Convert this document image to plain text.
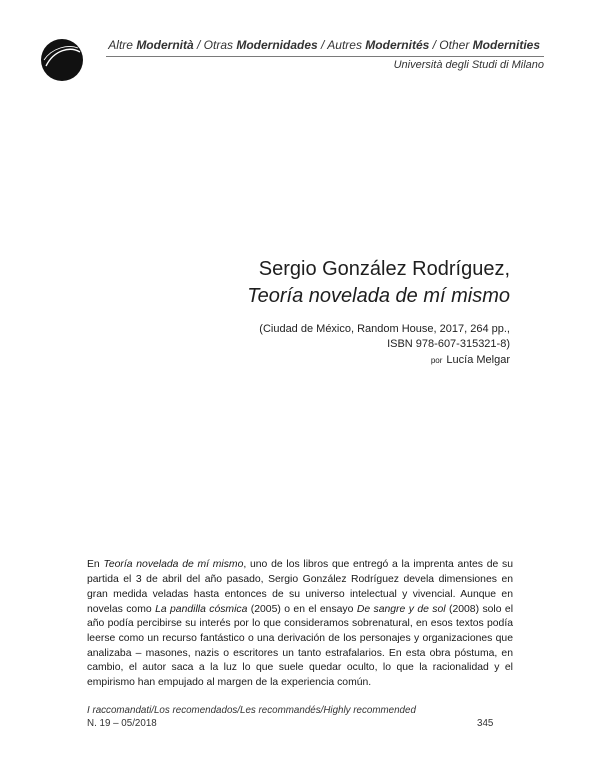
Altre Modernità / Otras Modernidades / Autres Modernités / Other Modernities
Università degli Studi di Milano
Sergio González Rodríguez,
Teoría novelada de mí mismo
(Ciudad de México, Random House, 2017, 264 pp.,
ISBN 978-607-315321-8)
por Lucía Melgar

En Teoría novelada de mí mismo, uno de los libros que entregó a la imprenta antes de su partida el 3 de abril del año pasado, Sergio González Rodríguez devela dimensiones en gran medida veladas hasta entonces de su universo intelectual y vivencial. Aunque en novelas como La pandilla cósmica (2005) o en el ensayo De sangre y de sol (2008) solo el año podía percibirse su interés por lo que consideramos sobrenatural, en esos textos podía leerse como un recurso fantástico o una derivación de los personajes y organizaciones que analizaba – masones, nazis o escritores un tanto estrafalarios. En esta obra póstuma, en cambio, el autor saca a la luz lo que suele quedar oculto, lo que la racionalidad y el empirismo han empujado al margen de la experiencia común.

I raccomandati/Los recomendados/Les recommandés/Highly recommended
N. 19 – 05/2018	345
